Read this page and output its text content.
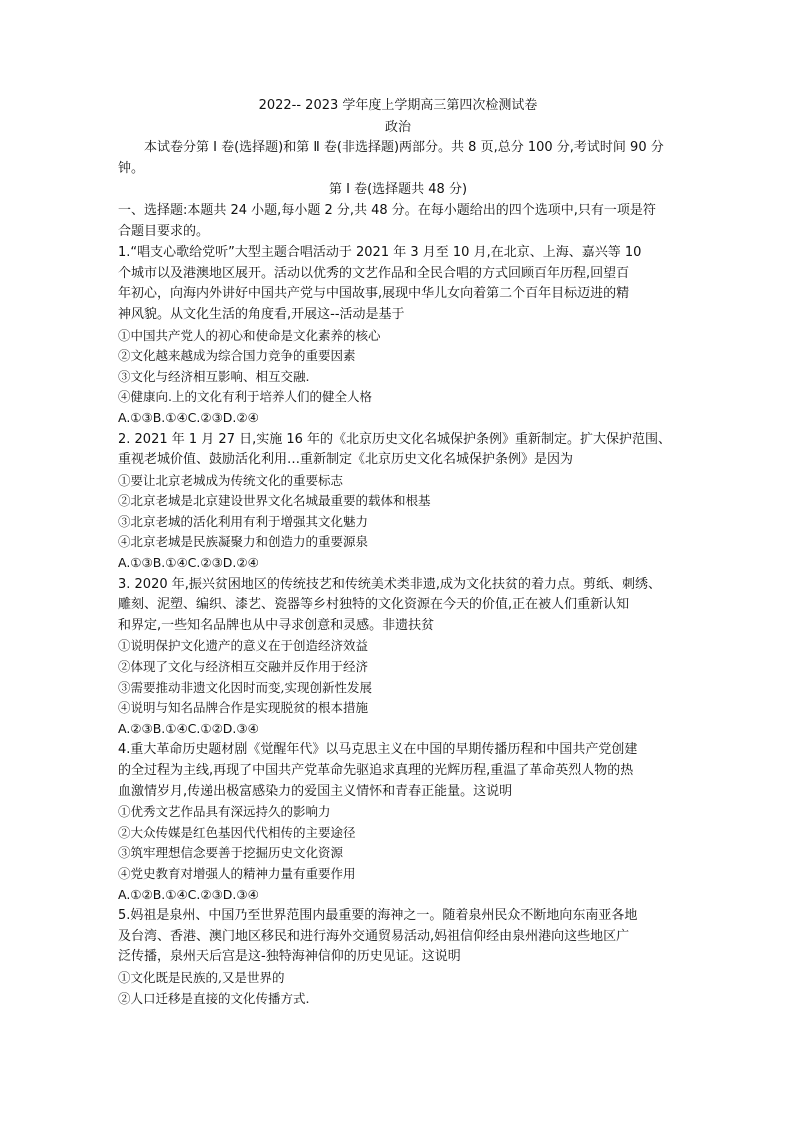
2022-- 2023 学年度上学期高三第四次检测试卷
政治
本试卷分第 I 卷(选择题)和第 Ⅱ 卷(非选择题)两部分。共 8 页,总分 100 分,考试时间 90 分
钟。
第 I 卷(选择题共 48 分)
一、选择题:本题共 24 小题,每小题 2 分,共 48 分。在每小题给出的四个选项中,只有一项是符
合题目要求的。
1.“唱支心歌给党听”大型主题合唱活动于 2021 年 3 月至 10 月,在北京、上海、嘉兴等 10
个城市以及港澳地区展开。活动以优秀的文艺作品和全民合唱的方式回顾百年历程,回望百
年初心，向海内外讲好中国共产党与中国故事,展现中华儿女向着第二个百年目标迈进的精
神风貌。从文化生活的角度看,开展这--活动是基于
①中国共产党人的初心和使命是文化素养的核心
②文化越来越成为综合国力竞争的重要因素
③文化与经济相互影响、相互交融.
④健康向.上的文化有利于培养人们的健全人格
A.①③B.①④C.②③D.②④
2. 2021 年 1 月 27 日,实施 16 年的《北京历史文化名城保护条例》重新制定。扩大保护范围、
重视老城价值、鼓励活化利用…重新制定《北京历史文化名城保护条例》是因为
①要让北京老城成为传统文化的重要标志
②北京老城是北京建设世界文化名城最重要的载体和根基
③北京老城的活化利用有利于增强其文化魅力
④北京老城是民族凝聚力和创造力的重要源泉
A.①③B.①④C.②③D.②④
3. 2020 年,振兴贫困地区的传统技艺和传统美术类非遗,成为文化扶贫的着力点。剪纸、刺绣、
雕刻、泥塑、编织、漆艺、瓷器等乡村独特的文化资源在今天的价值,正在被人们重新认知
和界定,一些知名品牌也从中寻求创意和灵感。非遗扶贫
①说明保护文化遗产的意义在于创造经济效益
②体现了文化与经济相互交融并反作用于经济
③需要推动非遗文化因时而变,实现创新性发展
④说明与知名品牌合作是实现脱贫的根本措施
A.②③B.①④C.①②D.③④
4.重大革命历史题材剧《觉醒年代》以马克思主义在中国的早期传播历程和中国共产党创建
的全过程为主线,再现了中国共产党革命先驱追求真理的光辉历程,重温了革命英烈人物的热
血激情岁月,传递出极富感染力的爱国主义情怀和青春正能量。这说明
①优秀文艺作品具有深远持久的影响力
②大众传媒是红色基因代代相传的主要途径
③筑牢理想信念要善于挖掘历史文化资源
④党史教育对增强人的精神力量有重要作用
A.①②B.①④C.②③D.③④
5.妈祖是泉州、中国乃至世界范围内最重要的海神之一。随着泉州民众不断地向东南亚各地
及台湾、香港、澳门地区移民和进行海外交通贸易活动,妈祖信仰经由泉州港向这些地区广
泛传播，泉州天后宫是这-独特海神信仰的历史见证。这说明
①文化既是民族的,又是世界的
②人口迁移是直接的文化传播方式.
